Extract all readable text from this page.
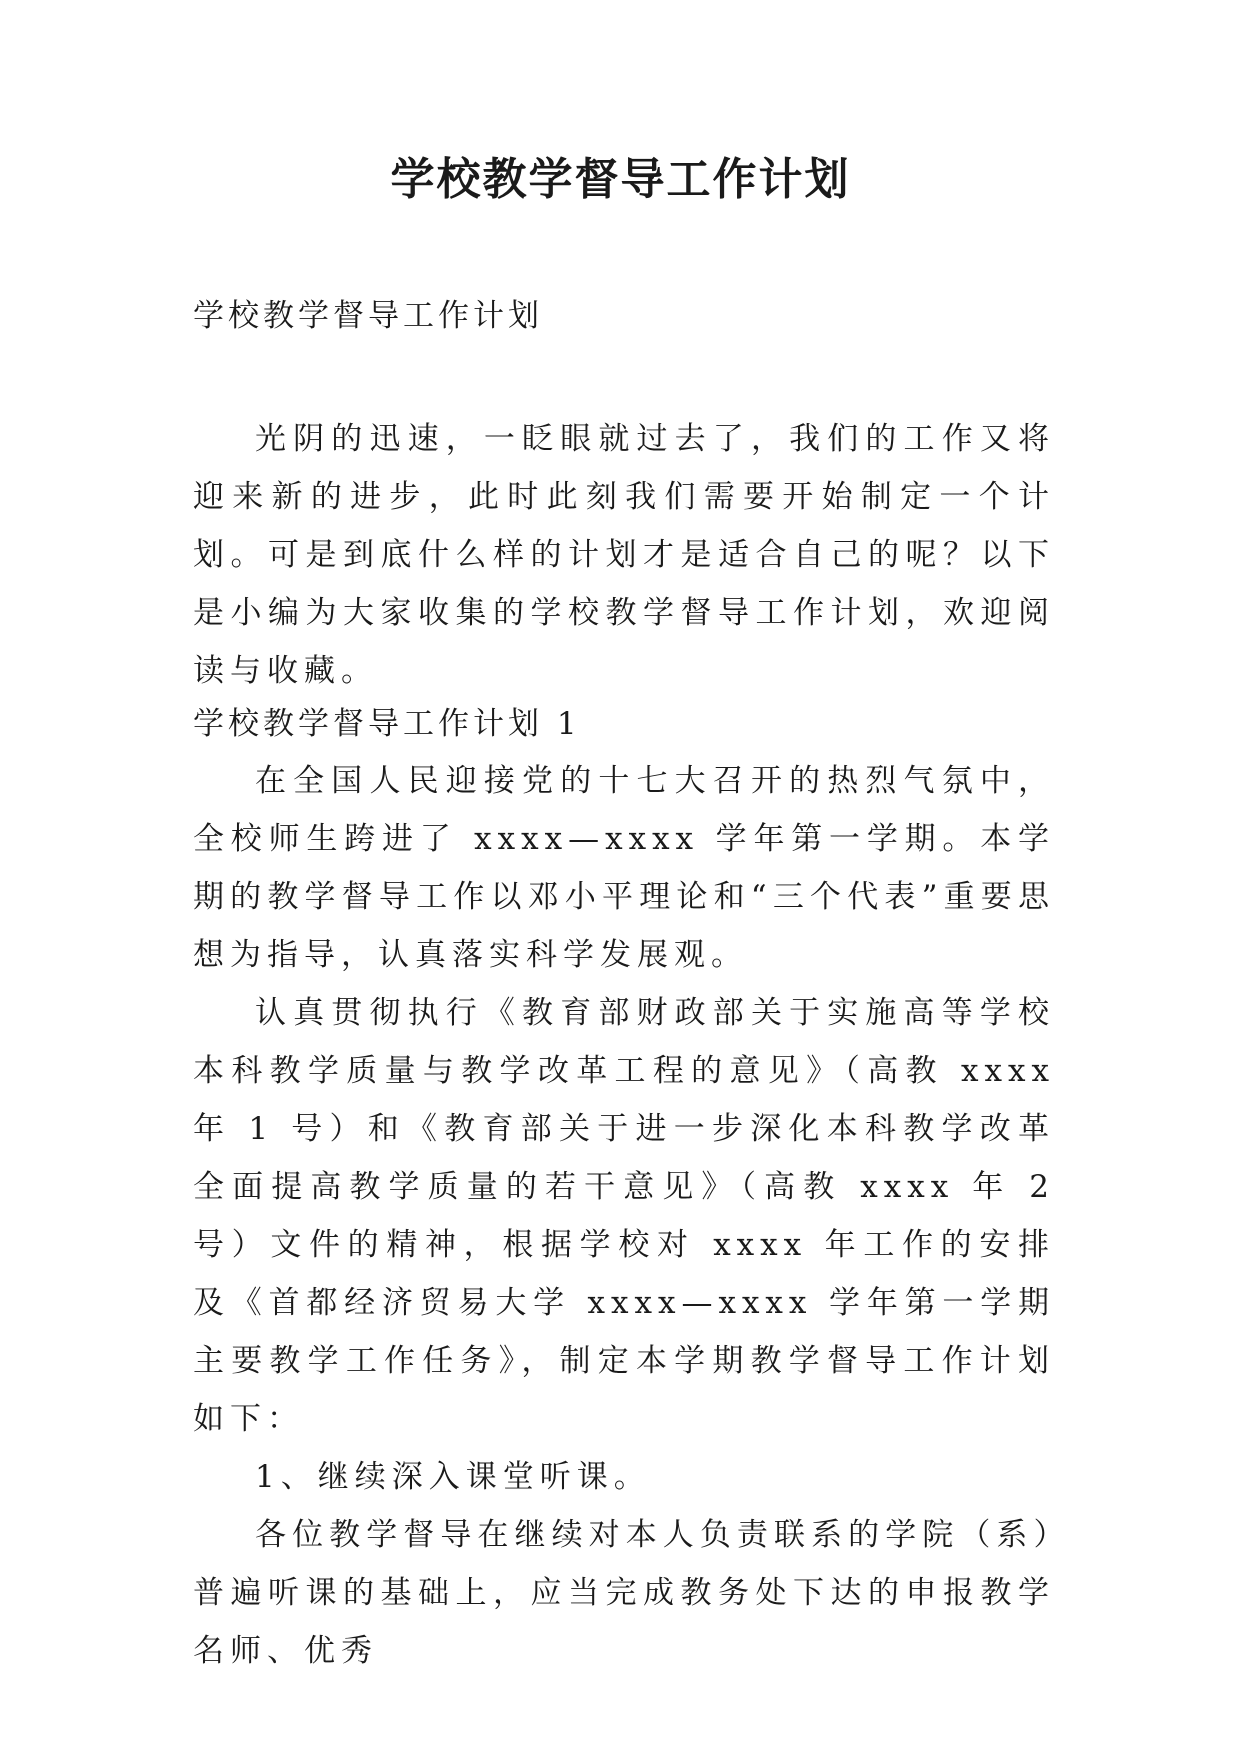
学校教学督导工作计划
学校教学督导工作计划
光阴的迅速，一眨眼就过去了，我们的工作又将迎来新的进步，此时此刻我们需要开始制定一个计划。可是到底什么样的计划才是适合自己的呢？以下是小编为大家收集的学校教学督导工作计划，欢迎阅读与收藏。
学校教学督导工作计划 1

在全国人民迎接党的十七大召开的热烈气氛中，全校师生跨进了 xxxx—xxxx 学年第一学期。本学期的教学督导工作以邓小平理论和“三个代表”重要思想为指导，认真落实科学发展观。

认真贯彻执行《教育部财政部关于实施高等学校本科教学质量与教学改革工程的意见》（高教 xxxx 年 1 号）和《教育部关于进一步深化本科教学改革全面提高教学质量的若干意见》（高教 xxxx 年 2 号）文件的精神，根据学校对 xxxx 年工作的安排及《首都经济贸易大学 xxxx—xxxx 学年第一学期主要教学工作任务》，制定本学期教学督导工作计划如下：

1、继续深入课堂听课。

各位教学督导在继续对本人负责联系的学院（系）普遍听课的基础上，应当完成教务处下达的申报教学名师、优秀
